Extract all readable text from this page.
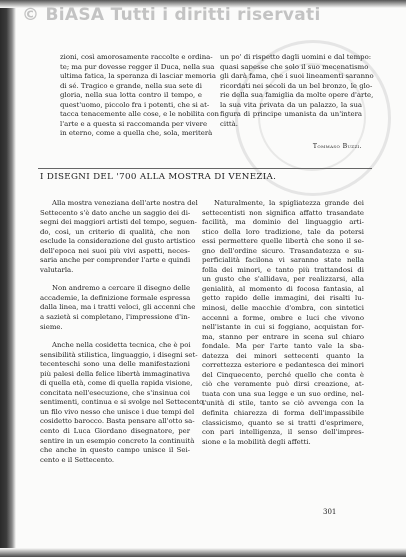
© BiASA Tutti i diritti riservati

zioni, così amorosamente raccolte e ordina-

te; ma pur dovesse regger il Duca, nella sua

ultima fatica, la speranza di lasciar memoria

di sé. Tragico e grande, nella sua sete di

gloria, nella sua lotta contro il tempo, e

quest'uomo, piccolo fra i potenti, che si at-

tacca tenacemente alle cose, e le nobilita con

l'arte e a questa si raccomanda per vivere

in eterno, come a quella che, sola, meriterà

un po' di rispetto dagli uomini e dal tempo:

quasi sapesse che solo il suo mecenatismo

gli darà fama, che i suoi lineamenti saranno

ricordati nei secoli da un bel bronzo, le glo-

rie della sua famiglia da molte opere d'arte,

la sua vita privata da un palazzo, la sua

figura di principe umanista da un'intera

città.

Tommaso Buzzi.
I DISEGNI DEL '700 ALLA MOSTRA DI VENEZIA.

Alla mostra veneziana dell'arte nostra del

Settecento s'è dato anche un saggio dei di-

segni dei maggiori artisti del tempo, seguen-

do, cosi, un criterio di qualità, che non

esclude la considerazione del gusto artistico

dell'epoca nei suoi più vivi aspetti, neces-

saria anche per comprender l'arte e quindi

valutarla.

Non andremo a cercare il disegno delle

accademie, la definizione formale espressa

dalla linea, ma i tratti veloci, gli accenni che

a sazietà si completano, l'impressione d'in-

sieme.

Anche nella cosidetta tecnica, che è poi

sensibilità stilistica, linguaggio, i disegni set-

tecenteschi sono una delle manifestazioni

più palesi della felice libertà immaginativa

di quella età, come di quella rapida visione,

concitata nell'esecuzione, che s'insinua coi

sentimenti, continua e si svolge nel Settecento,

un filo vivo nesso che unisce i due tempi del

cosidetto barocco. Basta pensare all'otto sa-

cento di Luca Giordano disegnatore, per

sentire in un esempio concreto la continuità

che anche in questo campo unisce il Sei-

cento e il Settecento.

Naturalmente, la spigliatezza grande dei

settecentisti non significa affatto trasandate

facilità, ma dominio del linguaggio arti-

stico della loro tradizione, tale da potersi

essi permettere quelle libertà che sono il se-

gno dell'ordine sicuro. Trasandatezza e su-

perficialità facilona vi saranno state nella

folla dei minori, e tanto più trattandosi di

un gusto che s'allidava, per realizzarsi, alla

genialità, al momento di focosa fantasia, al

getto rapido delle immagini, dei risalti lu-

minosi, delle macchie d'ombra, con sintetici

accenni a forme, ombre e luci che vivono

nell'istante in cui si foggiano, acquistan for-

ma, stanno per entrare in scena sul chiaro

fondale. Ma per l'arte tanto vale la sba-

datezza dei minori settecenti quanto la

correttezza esteriore e pedantesca dei minori

del Cinquecento, perché quello che conta è

ciò che veramente può dirsi creazione, at-

tuata con una sua legge e un suo ordine, nel-

l'unità di stile, tanto se ciò avvenga con la

definita chiarezza di forma dell'impassibile

classicismo, quanto se si tratti d'esprimere,

con pari intelligenza, il senso dell'impres-

sione e la mobilità degli affetti.

301
